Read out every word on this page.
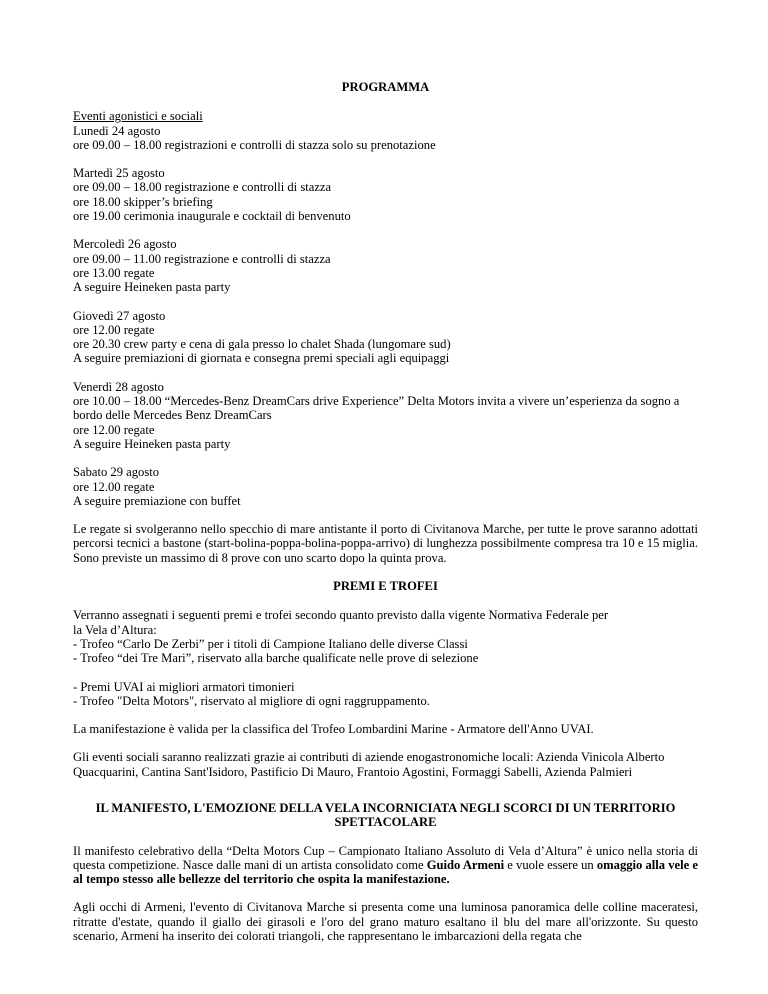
PROGRAMMA

Eventi agonistici e sociali

Lunedì 24 agosto

ore 09.00 – 18.00 registrazioni e controlli di stazza solo su prenotazione

Martedì 25 agosto

ore 09.00 – 18.00 registrazione e controlli di stazza

ore 18.00 skipper’s briefing

ore 19.00 cerimonia inaugurale e cocktail di benvenuto

Mercoledì 26 agosto

ore 09.00 – 11.00 registrazione e controlli di stazza

ore 13.00 regate

A seguire Heineken pasta party

Giovedì 27 agosto

ore 12.00 regate

ore 20.30 crew party e cena di gala presso lo chalet Shada (lungomare sud)

A seguire premiazioni di giornata e consegna premi speciali agli equipaggi

Venerdì 28 agosto

ore 10.00 – 18.00 “Mercedes-Benz DreamCars drive Experience” Delta Motors invita a vivere un’esperienza da sogno a bordo delle Mercedes Benz DreamCars

ore 12.00 regate

A seguire Heineken pasta party

Sabato 29 agosto

ore 12.00 regate

A seguire premiazione con buffet

Le regate si svolgeranno nello specchio di mare antistante il porto di Civitanova Marche, per tutte le prove saranno adottati percorsi tecnici a bastone (start-bolina-poppa-bolina-poppa-arrivo) di lunghezza possibilmente compresa tra 10 e 15 miglia. Sono previste un massimo di 8 prove con uno scarto dopo la quinta prova.

PREMI E TROFEI

Verranno assegnati i seguenti premi e trofei secondo quanto previsto dalla vigente Normativa Federale per

la Vela d’Altura:

- Trofeo “Carlo De Zerbi” per i titoli di Campione Italiano delle diverse Classi

- Trofeo “dei Tre Mari”, riservato alla barche qualificate nelle prove di selezione

- Premi UVAI ai migliori armatori timonieri

- Trofeo "Delta Motors", riservato al migliore di ogni raggruppamento.

La manifestazione è valida per la classifica del Trofeo Lombardini Marine - Armatore dell'Anno UVAI.

Gli eventi sociali saranno realizzati grazie ai contributi di aziende enogastronomiche locali: Azienda Vinicola Alberto Quacquarini, Cantina Sant'Isidoro, Pastificio Di Mauro, Frantoio Agostini, Formaggi Sabelli, Azienda Palmieri

IL MANIFESTO, L'EMOZIONE DELLA VELA INCORNICIATA NEGLI SCORCI DI UN TERRITORIO SPETTACOLARE

Il manifesto celebrativo della “Delta Motors Cup – Campionato Italiano Assoluto di Vela d’Altura” è unico nella storia di questa competizione. Nasce dalle mani di un artista consolidato come Guido Armeni e vuole essere un omaggio alla vele e al tempo stesso alle bellezze del territorio che ospita la manifestazione.

Agli occhi di Armeni, l'evento di Civitanova Marche si presenta come una luminosa panoramica delle colline maceratesi, ritratte d'estate, quando il giallo dei girasoli e l'oro del grano maturo esaltano il blu del mare all'orizzonte. Su questo scenario, Armeni ha inserito dei colorati triangoli, che rappresentano le imbarcazioni della regata che
